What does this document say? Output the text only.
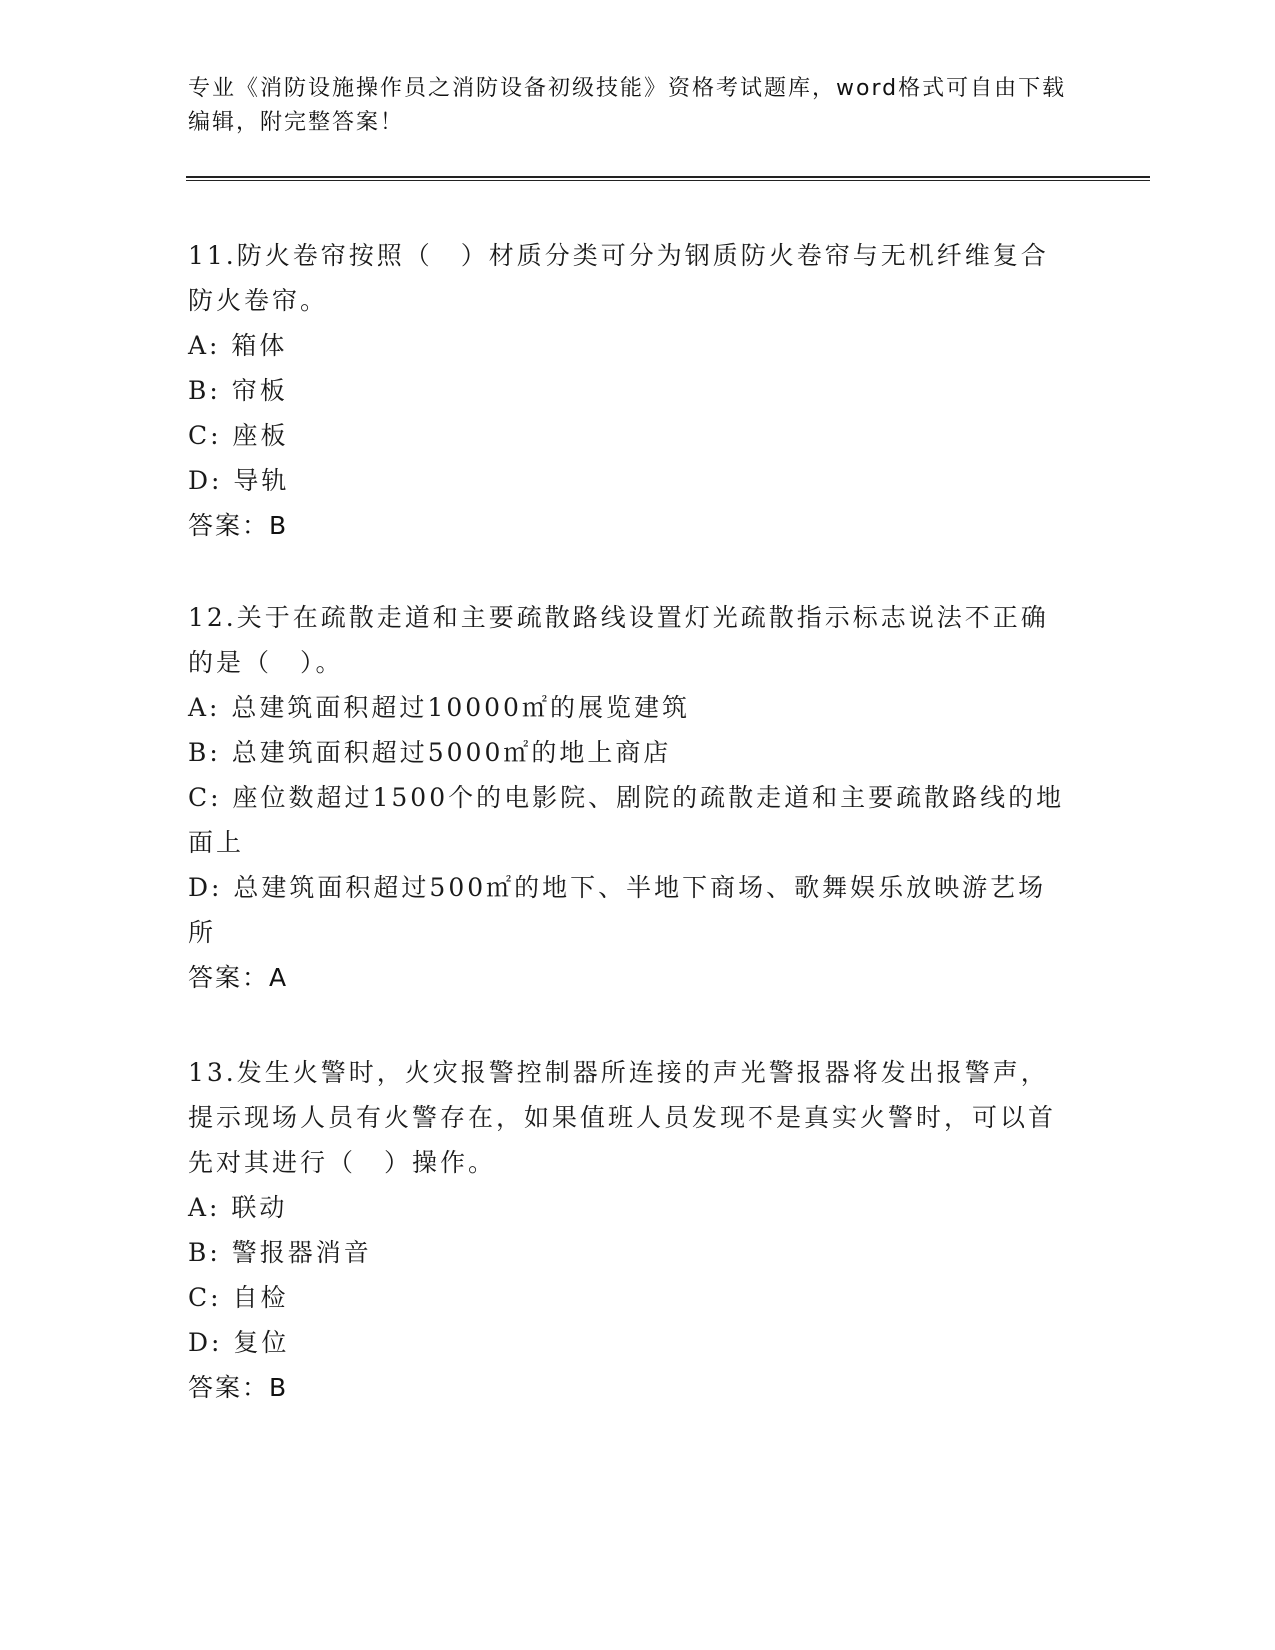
专业《消防设施操作员之消防设备初级技能》资格考试题库，word格式可自由下载编辑，附完整答案！

11.防火卷帘按照（　）材质分类可分为钢质防火卷帘与无机纤维复合防火卷帘。

A: 箱体

B: 帘板

C: 座板

D: 导轨

答案：B

12.关于在疏散走道和主要疏散路线设置灯光疏散指示标志说法不正确的是（　）。

A: 总建筑面积超过10000㎡的展览建筑

B: 总建筑面积超过5000㎡的地上商店

C: 座位数超过1500个的电影院、剧院的疏散走道和主要疏散路线的地面上

D: 总建筑面积超过500㎡的地下、半地下商场、歌舞娱乐放映游艺场所

答案：A

13.发生火警时，火灾报警控制器所连接的声光警报器将发出报警声，提示现场人员有火警存在，如果值班人员发现不是真实火警时，可以首先对其进行（　）操作。

A: 联动

B: 警报器消音

C: 自检

D: 复位

答案：B
